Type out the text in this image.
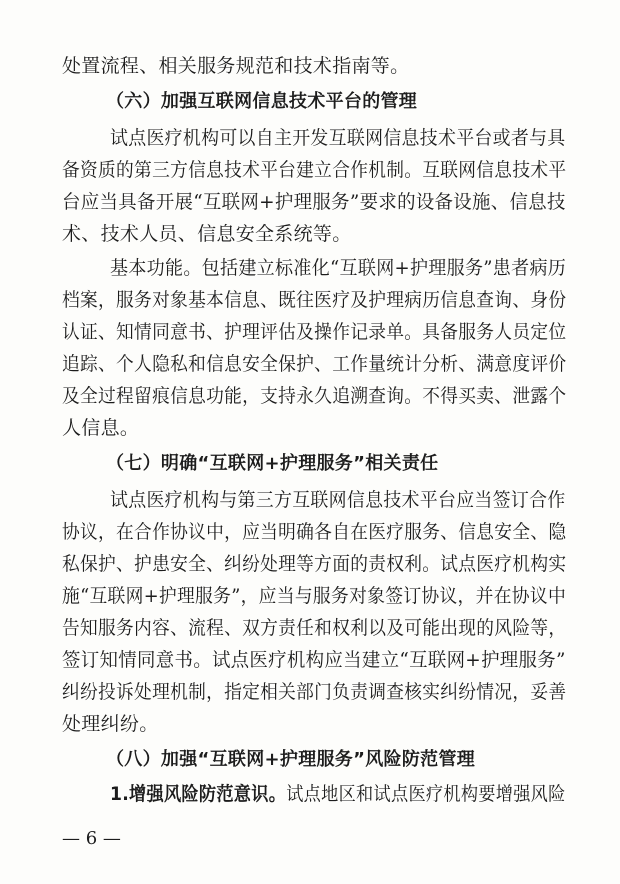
处置流程、相关服务规范和技术指南等。
（六）加强互联网信息技术平台的管理
试点医疗机构可以自主开发互联网信息技术平台或者与具
备资质的第三方信息技术平台建立合作机制。互联网信息技术平
台应当具备开展“互联网+护理服务”要求的设备设施、信息技
术、技术人员、信息安全系统等。
基本功能。包括建立标准化“互联网+护理服务”患者病历
档案，服务对象基本信息、既往医疗及护理病历信息查询、身份
认证、知情同意书、护理评估及操作记录单。具备服务人员定位
追踪、个人隐私和信息安全保护、工作量统计分析、满意度评价
及全过程留痕信息功能，支持永久追溯查询。不得买卖、泄露个
人信息。
（七）明确“互联网+护理服务”相关责任
试点医疗机构与第三方互联网信息技术平台应当签订合作
协议，在合作协议中，应当明确各自在医疗服务、信息安全、隐
私保护、护患安全、纠纷处理等方面的责权利。试点医疗机构实
施“互联网+护理服务”，应当与服务对象签订协议，并在协议中
告知服务内容、流程、双方责任和权利以及可能出现的风险等，
签订知情同意书。试点医疗机构应当建立“互联网+护理服务”
纠纷投诉处理机制，指定相关部门负责调查核实纠纷情况，妥善
处理纠纷。
（八）加强“互联网+护理服务”风险防范管理
1.增强风险防范意识。试点地区和试点医疗机构要增强风险
— 6 —
